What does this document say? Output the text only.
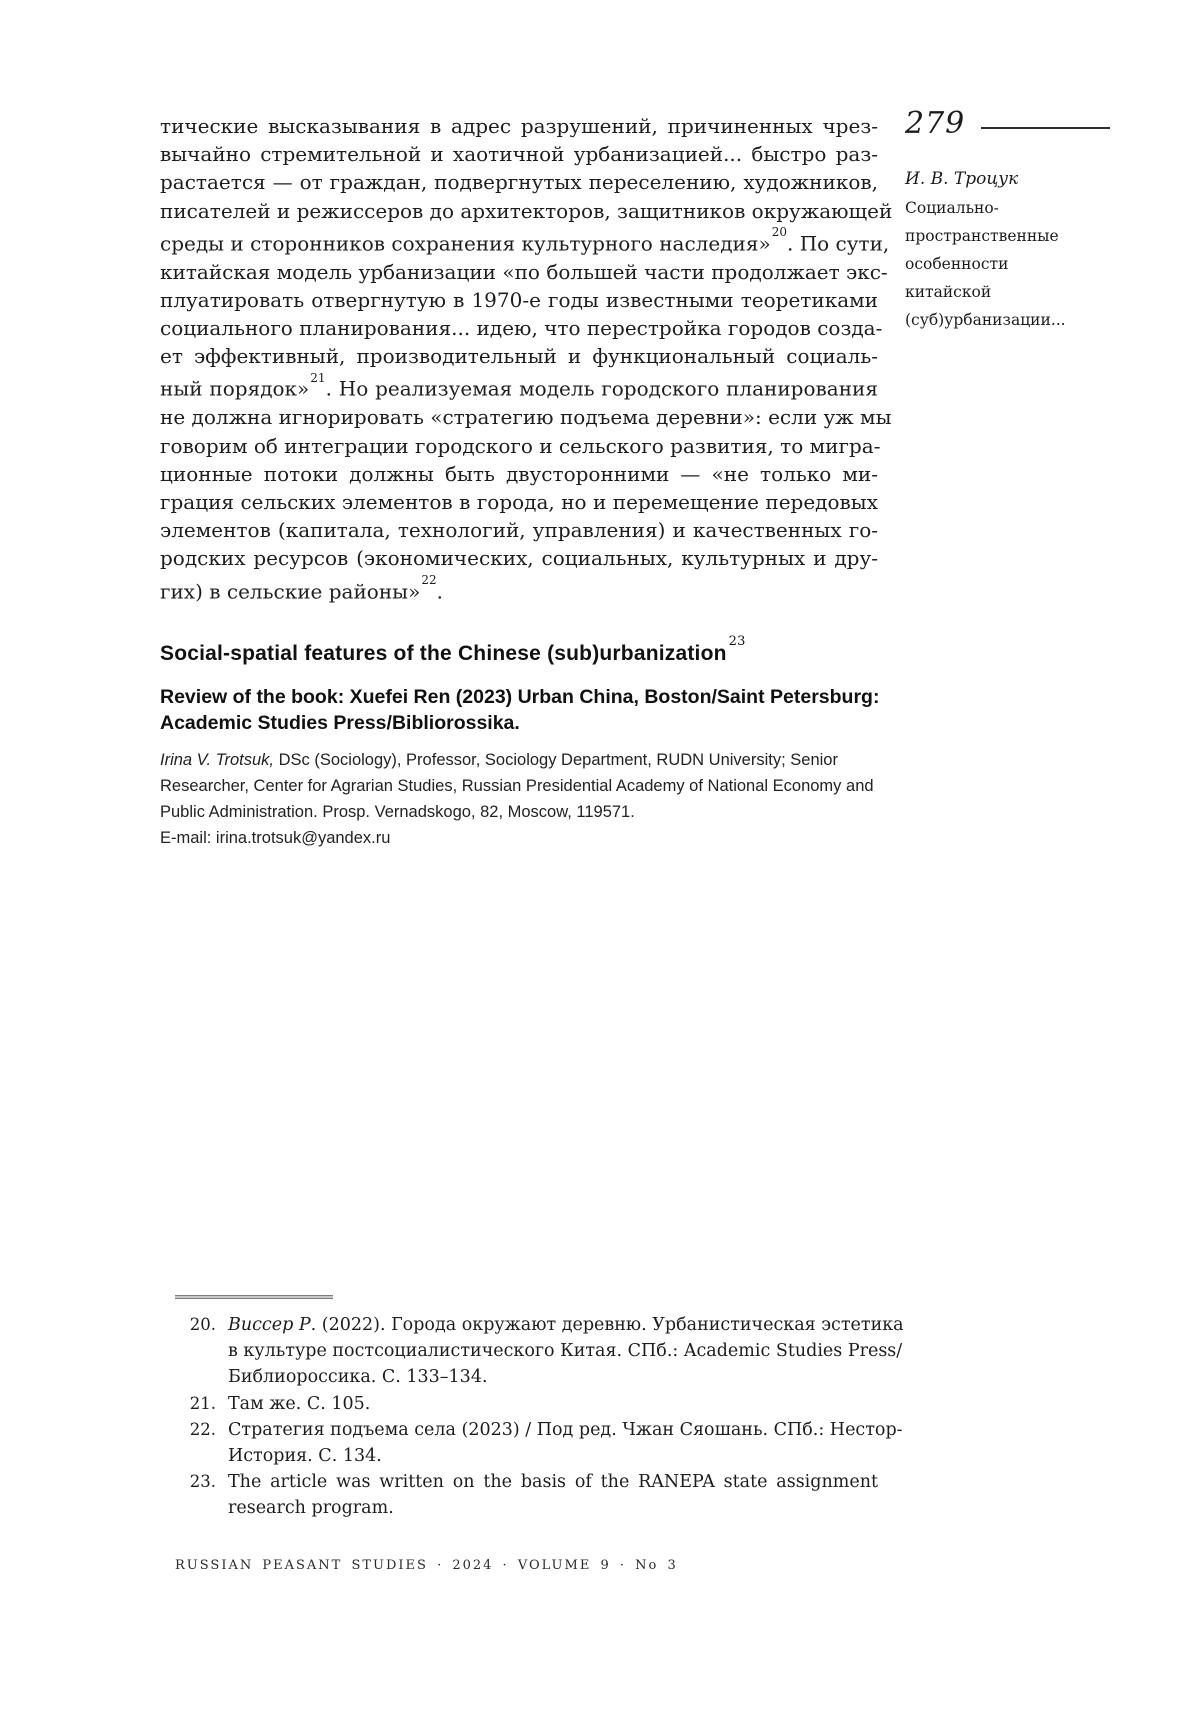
тические высказывания в адрес разрушений, причиненных чрез-
вычайно стремительной и хаотичной урбанизацией... быстро раз-
растается — от граждан, подвергнутых переселению, художников,
писателей и режиссеров до архитекторов, защитников окружающей
среды и сторонников сохранения культурного наследия»$^{20}$. По сути,
китайская модель урбанизации «по большей части продолжает экс-
плуатировать отвергнутую в 1970-е годы известными теоретиками
социального планирования... идею, что перестройка городов созда-
ет эффективный, производительный и функциональный социаль-
ный порядок»$^{21}$. Но реализуемая модель городского планирования
не должна игнорировать «стратегию подъема деревни»: если уж мы
говорим об интеграции городского и сельского развития, то мигра-
ционные потоки должны быть двусторонними — «не только ми-
грация сельских элементов в города, но и перемещение передовых
элементов (капитала, технологий, управления) и качественных го-
родских ресурсов (экономических, социальных, культурных и дру-
гих) в сельские районы»$^{22}$.
Social-spatial features of the Chinese (sub)urbanization$^{23}$
Review of the book: Xuefei Ren (2023) Urban China, Boston/Saint Petersburg: Academic Studies Press/Bibliorossika.

Irina V. Trotsuk, DSc (Sociology), Professor, Sociology Department, RUDN University; Senior Researcher, Center for Agrarian Studies, Russian Presidential Academy of National Economy and Public Administration. Prosp. Vernadskogo, 82, Moscow, 119571.
E-mail: irina.trotsuk@yandex.ru

20. Виссер Р. (2022). Города окружают деревню. Урбанистическая эстетика
в культуре постсоциалистического Китая. СПб.: Academic Studies Press/
Библиороссика. С. 133–134.
21. Там же. С. 105.
22. Стратегия подъема села (2023) / Под ред. Чжан Сяошань. СПб.: Нестор-
История. С. 134.
23. The article was written on the basis of the RANEPA state assignment
research program.
RUSSIAN PEASANT STUDIES · 2024 · VOLUME 9 · No 3
279
И. В. Троцук
Социально-
пространственные
особенности
китайской
(суб)урбанизации...
